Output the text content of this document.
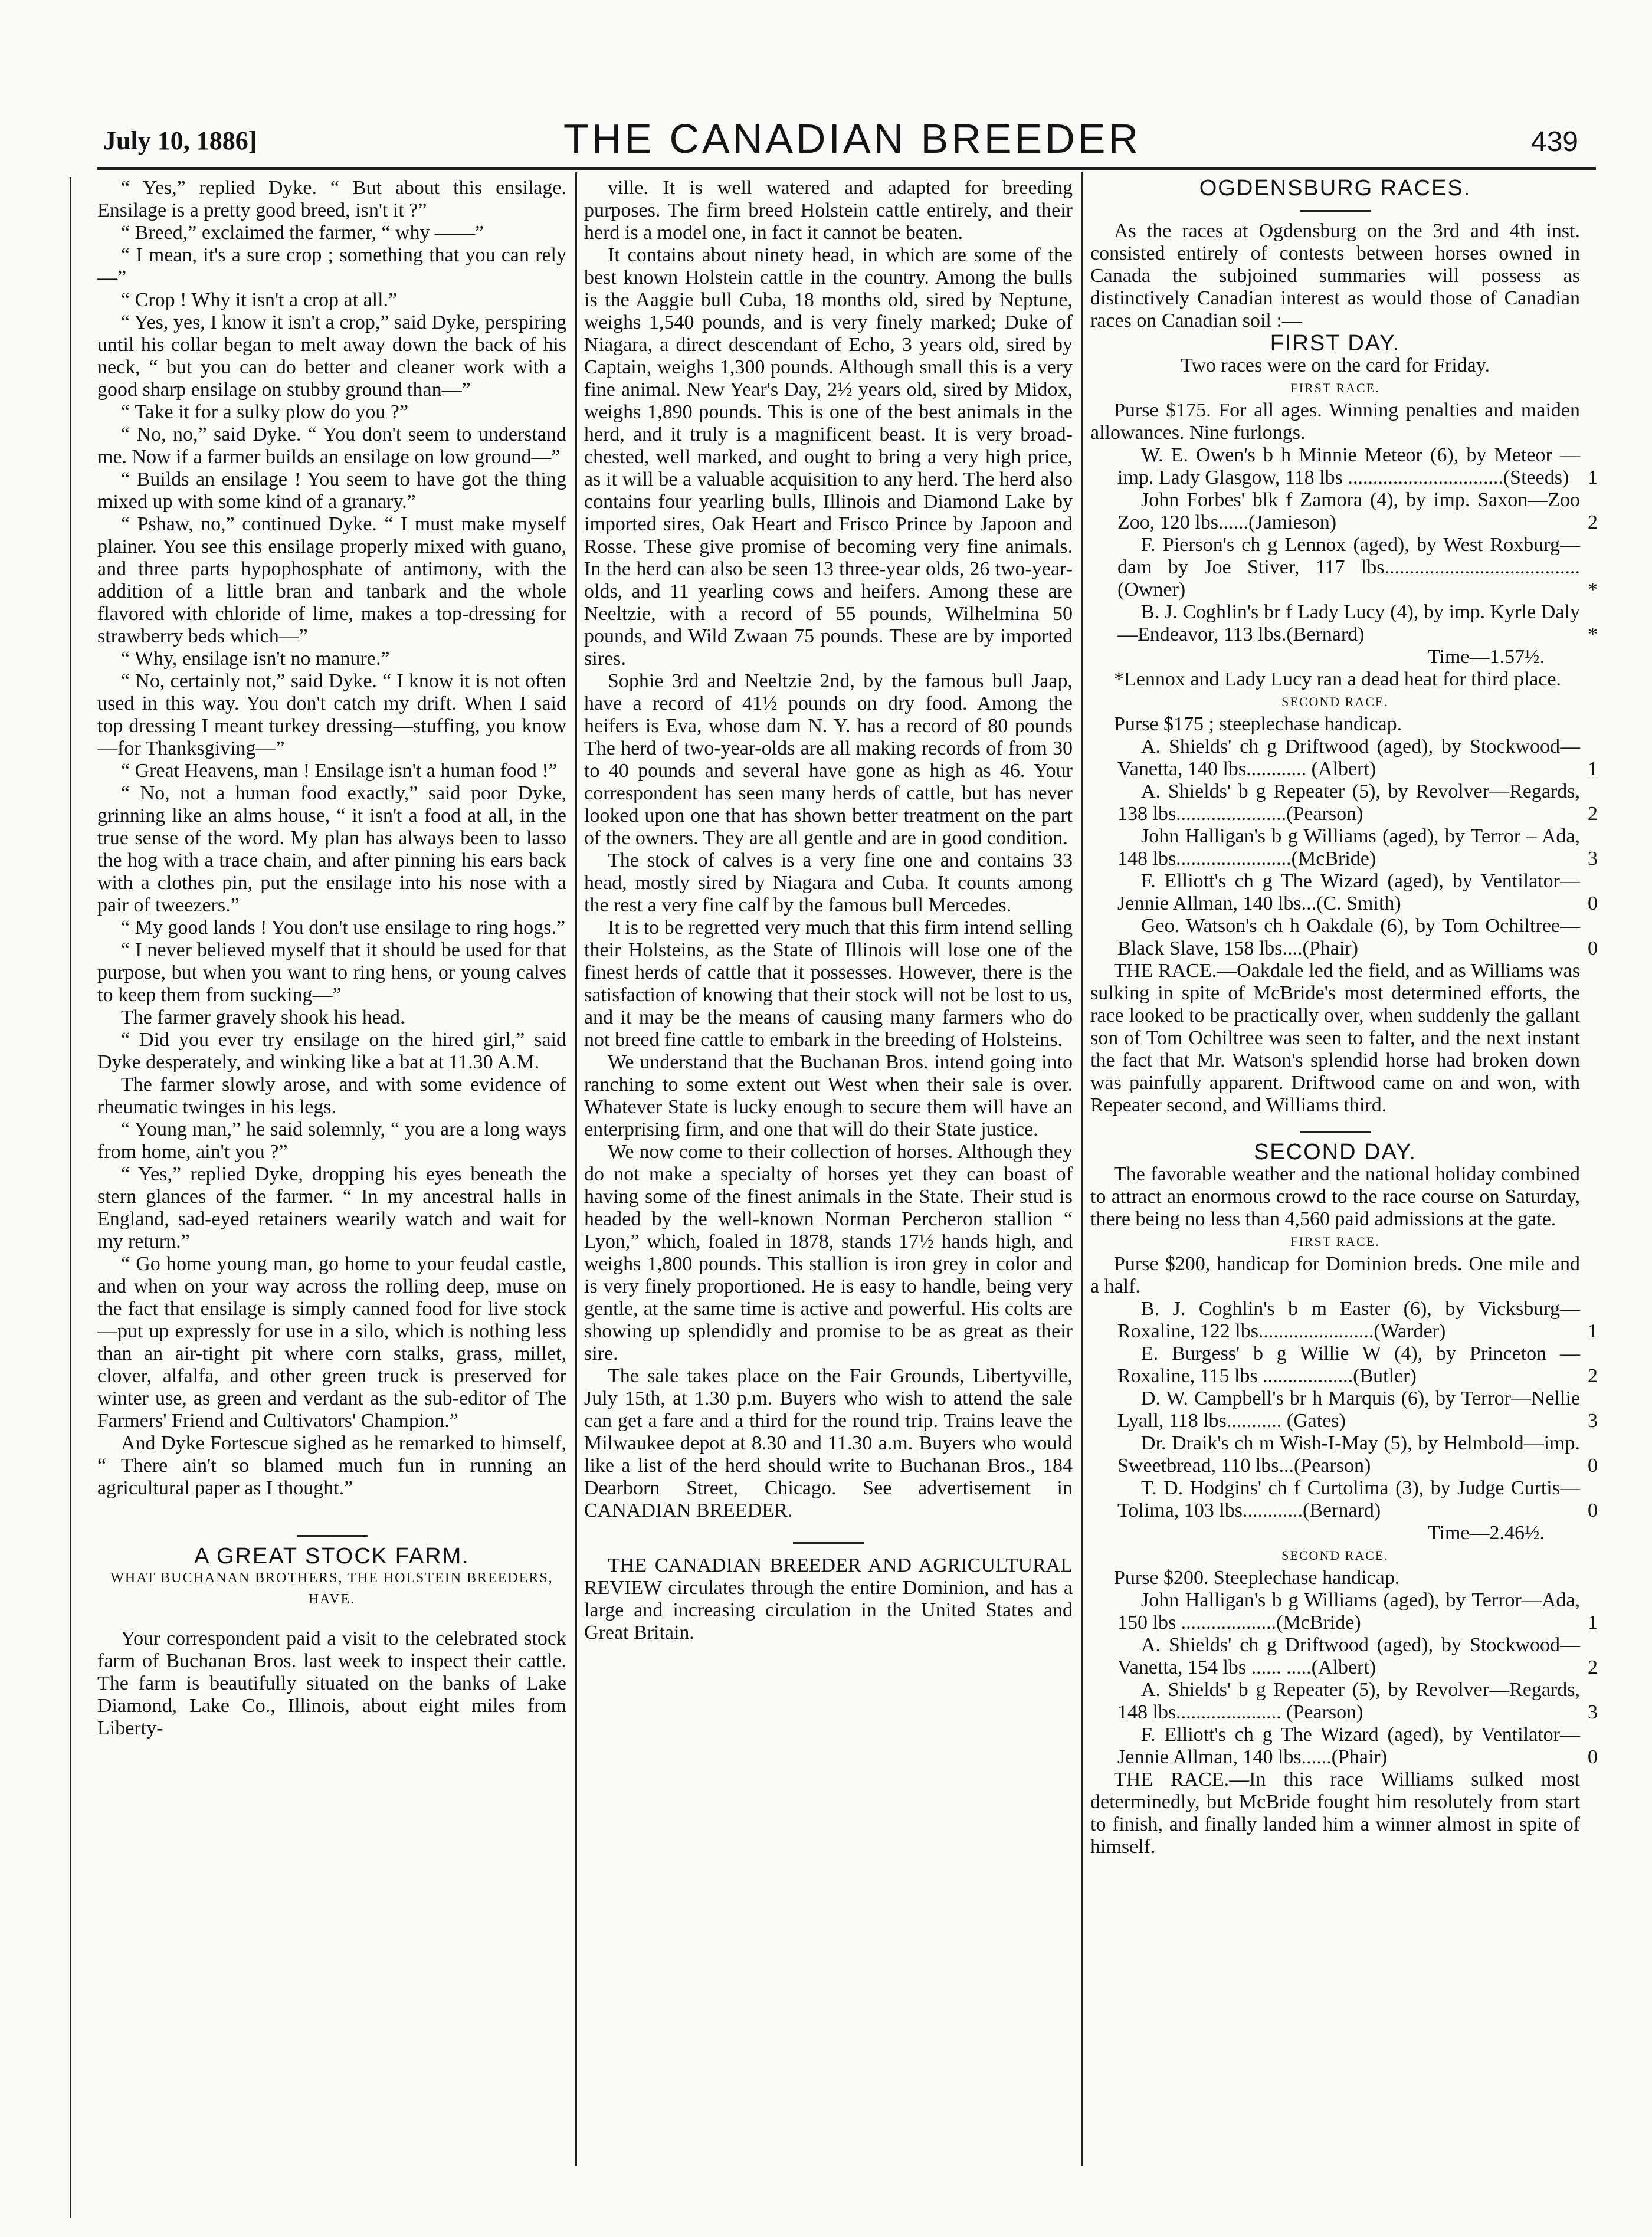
July 10, 1886]	THE CANADIAN BREEDER	439

“ Yes,” replied Dyke. “ But about this ensilage. Ensilage is a pretty good breed, isn't it ?”

“ Breed,” exclaimed the farmer, “ why ——”

“ I mean, it's a sure crop ; something that you can rely—”

“ Crop ! Why it isn't a crop at all.”

“ Yes, yes, I know it isn't a crop,” said Dyke, perspiring until his collar began to melt away down the back of his neck, “ but you can do better and cleaner work with a good sharp ensilage on stubby ground than—”

“ Take it for a sulky plow do you ?”

“ No, no,” said Dyke. “ You don't seem to understand me. Now if a farmer builds an ensilage on low ground—”

“ Builds an ensilage ! You seem to have got the thing mixed up with some kind of a granary.”

“ Pshaw, no,” continued Dyke. “ I must make myself plainer. You see this ensilage properly mixed with guano, and three parts hypophosphate of antimony, with the addition of a little bran and tanbark and the whole flavored with chloride of lime, makes a top-dressing for strawberry beds which—”

“ Why, ensilage isn't no manure.”

“ No, certainly not,” said Dyke. “ I know it is not often used in this way. You don't catch my drift. When I said top dressing I meant turkey dressing—stuffing, you know—for Thanksgiving—”

“ Great Heavens, man ! Ensilage isn't a human food !”

“ No, not a human food exactly,” said poor Dyke, grinning like an alms house, “ it isn't a food at all, in the true sense of the word. My plan has always been to lasso the hog with a trace chain, and after pinning his ears back with a clothes pin, put the ensilage into his nose with a pair of tweezers.”

“ My good lands ! You don't use ensilage to ring hogs.”

“ I never believed myself that it should be used for that purpose, but when you want to ring hens, or young calves to keep them from sucking—”

The farmer gravely shook his head.

“ Did you ever try ensilage on the hired girl,” said Dyke desperately, and winking like a bat at 11.30 A.M.

The farmer slowly arose, and with some evidence of rheumatic twinges in his legs.

“ Young man,” he said solemnly, “ you are a long ways from home, ain't you ?”

“ Yes,” replied Dyke, dropping his eyes beneath the stern glances of the farmer. “ In my ancestral halls in England, sad-eyed retainers wearily watch and wait for my return.”

“ Go home young man, go home to your feudal castle, and when on your way across the rolling deep, muse on the fact that ensilage is simply canned food for live stock—put up expressly for use in a silo, which is nothing less than an air-tight pit where corn stalks, grass, millet, clover, alfalfa, and other green truck is preserved for winter use, as green and verdant as the sub-editor of The Farmers' Friend and Cultivators' Champion.”

And Dyke Fortescue sighed as he remarked to himself, “ There ain't so blamed much fun in running an agricultural paper as I thought.”

A GREAT STOCK FARM.

WHAT BUCHANAN BROTHERS, THE HOLSTEIN BREEDERS, HAVE.

Your correspondent paid a visit to the celebrated stock farm of Buchanan Bros. last week to inspect their cattle. The farm is beautifully situated on the banks of Lake Diamond, Lake Co., Illinois, about eight miles from Liberty-

ville. It is well watered and adapted for breeding purposes. The firm breed Holstein cattle entirely, and their herd is a model one, in fact it cannot be beaten.

It contains about ninety head, in which are some of the best known Holstein cattle in the country. Among the bulls is the Aaggie bull Cuba, 18 months old, sired by Neptune, weighs 1,540 pounds, and is very finely marked; Duke of Niagara, a direct descendant of Echo, 3 years old, sired by Captain, weighs 1,300 pounds. Although small this is a very fine animal. New Year's Day, 2½ years old, sired by Midox, weighs 1,890 pounds. This is one of the best animals in the herd, and it truly is a magnificent beast. It is very broad-chested, well marked, and ought to bring a very high price, as it will be a valuable acquisition to any herd. The herd also contains four yearling bulls, Illinois and Diamond Lake by imported sires, Oak Heart and Frisco Prince by Japoon and Rosse. These give promise of becoming very fine animals. In the herd can also be seen 13 three-year olds, 26 two-year-olds, and 11 yearling cows and heifers. Among these are Neeltzie, with a record of 55 pounds, Wilhelmina 50 pounds, and Wild Zwaan 75 pounds. These are by imported sires.

Sophie 3rd and Neeltzie 2nd, by the famous bull Jaap, have a record of 41½ pounds on dry food. Among the heifers is Eva, whose dam N. Y. has a record of 80 pounds The herd of two-year-olds are all making records of from 30 to 40 pounds and several have gone as high as 46. Your correspondent has seen many herds of cattle, but has never looked upon one that has shown better treatment on the part of the owners. They are all gentle and are in good condition.

The stock of calves is a very fine one and contains 33 head, mostly sired by Niagara and Cuba. It counts among the rest a very fine calf by the famous bull Mercedes.

It is to be regretted very much that this firm intend selling their Holsteins, as the State of Illinois will lose one of the finest herds of cattle that it possesses. However, there is the satisfaction of knowing that their stock will not be lost to us, and it may be the means of causing many farmers who do not breed fine cattle to embark in the breeding of Holsteins.

We understand that the Buchanan Bros. intend going into ranching to some extent out West when their sale is over. Whatever State is lucky enough to secure them will have an enterprising firm, and one that will do their State justice.

We now come to their collection of horses. Although they do not make a specialty of horses yet they can boast of having some of the finest animals in the State. Their stud is headed by the well-known Norman Percheron stallion “ Lyon,” which, foaled in 1878, stands 17½ hands high, and weighs 1,800 pounds. This stallion is iron grey in color and is very finely proportioned. He is easy to handle, being very gentle, at the same time is active and powerful. His colts are showing up splendidly and promise to be as great as their sire.

The sale takes place on the Fair Grounds, Libertyville, July 15th, at 1.30 p.m. Buyers who wish to attend the sale can get a fare and a third for the round trip. Trains leave the Milwaukee depot at 8.30 and 11.30 a.m. Buyers who would like a list of the herd should write to Buchanan Bros., 184 Dearborn Street, Chicago. See advertisement in CANADIAN BREEDER.

THE CANADIAN BREEDER AND AGRICULTURAL REVIEW circulates through the entire Dominion, and has a large and increasing circulation in the United States and Great Britain.

OGDENSBURG RACES.

As the races at Ogdensburg on the 3rd and 4th inst. consisted entirely of contests between horses owned in Canada the subjoined summaries will possess as distinctively Canadian interest as would those of Canadian races on Canadian soil :—

FIRST DAY.

Two races were on the card for Friday.

FIRST RACE.

Purse $175. For all ages. Winning penalties and maiden allowances. Nine furlongs.

W. E. Owen's b h Minnie Meteor (6), by Meteor — imp. Lady Glasgow, 118 lbs ...............................(Steeds) 1

John Forbes' blk f Zamora (4), by imp. Saxon—Zoo Zoo, 120 lbs......(Jamieson)	2

F. Pierson's ch g Lennox (aged), by West Roxburg—dam by Joe Stiver, 117 lbs.......................................(Owner)	*

B. J. Coghlin's br f Lady Lucy (4), by imp. Kyrle Daly—Endeavor, 113 lbs.(Bernard)	*

Time—1.57½.

*Lennox and Lady Lucy ran a dead heat for third place.

SECOND RACE.

Purse $175 ; steeplechase handicap.

A. Shields' ch g Driftwood (aged), by Stockwood—Vanetta, 140 lbs............ (Albert)	1

A. Shields' b g Repeater (5), by Revolver—Regards, 138 lbs......................(Pearson)	2

John Halligan's b g Williams (aged), by Terror – Ada, 148 lbs.......................(McBride)	3

F. Elliott's ch g The Wizard (aged), by Ventilator—Jennie Allman, 140 lbs...(C. Smith)	0

Geo. Watson's ch h Oakdale (6), by Tom Ochiltree—Black Slave, 158 lbs....(Phair)	0

THE RACE.—Oakdale led the field, and as Williams was sulking in spite of McBride's most determined efforts, the race looked to be practically over, when suddenly the gallant son of Tom Ochiltree was seen to falter, and the next instant the fact that Mr. Watson's splendid horse had broken down was painfully apparent. Driftwood came on and won, with Repeater second, and Williams third.

SECOND DAY.

The favorable weather and the national holiday combined to attract an enormous crowd to the race course on Saturday, there being no less than 4,560 paid admissions at the gate.

FIRST RACE.

Purse $200, handicap for Dominion breds. One mile and a half.

B. J. Coghlin's b m Easter (6), by Vicksburg—Roxaline, 122 lbs.......................(Warder)	1

E. Burgess' b g Willie W (4), by Princeton —Roxaline, 115 lbs ..................(Butler)	2

D. W. Campbell's br h Marquis (6), by Terror—Nellie Lyall, 118 lbs........... (Gates)	3

Dr. Draik's ch m Wish-I-May (5), by Helmbold—imp. Sweetbread, 110 lbs...(Pearson)	0

T. D. Hodgins' ch f Curtolima (3), by Judge Curtis—Tolima, 103 lbs............(Bernard)	0

Time—2.46½.

SECOND RACE.

Purse $200. Steeplechase handicap.

John Halligan's b g Williams (aged), by Terror—Ada, 150 lbs ...................(McBride)	1

A. Shields' ch g Driftwood (aged), by Stockwood—Vanetta, 154 lbs ...... .....(Albert)	2

A. Shields' b g Repeater (5), by Revolver—Regards, 148 lbs..................... (Pearson)	3

F. Elliott's ch g The Wizard (aged), by Ventilator—Jennie Allman, 140 lbs......(Phair)	0

THE RACE.—In this race Williams sulked most determinedly, but McBride fought him resolutely from start to finish, and finally landed him a winner almost in spite of himself.
